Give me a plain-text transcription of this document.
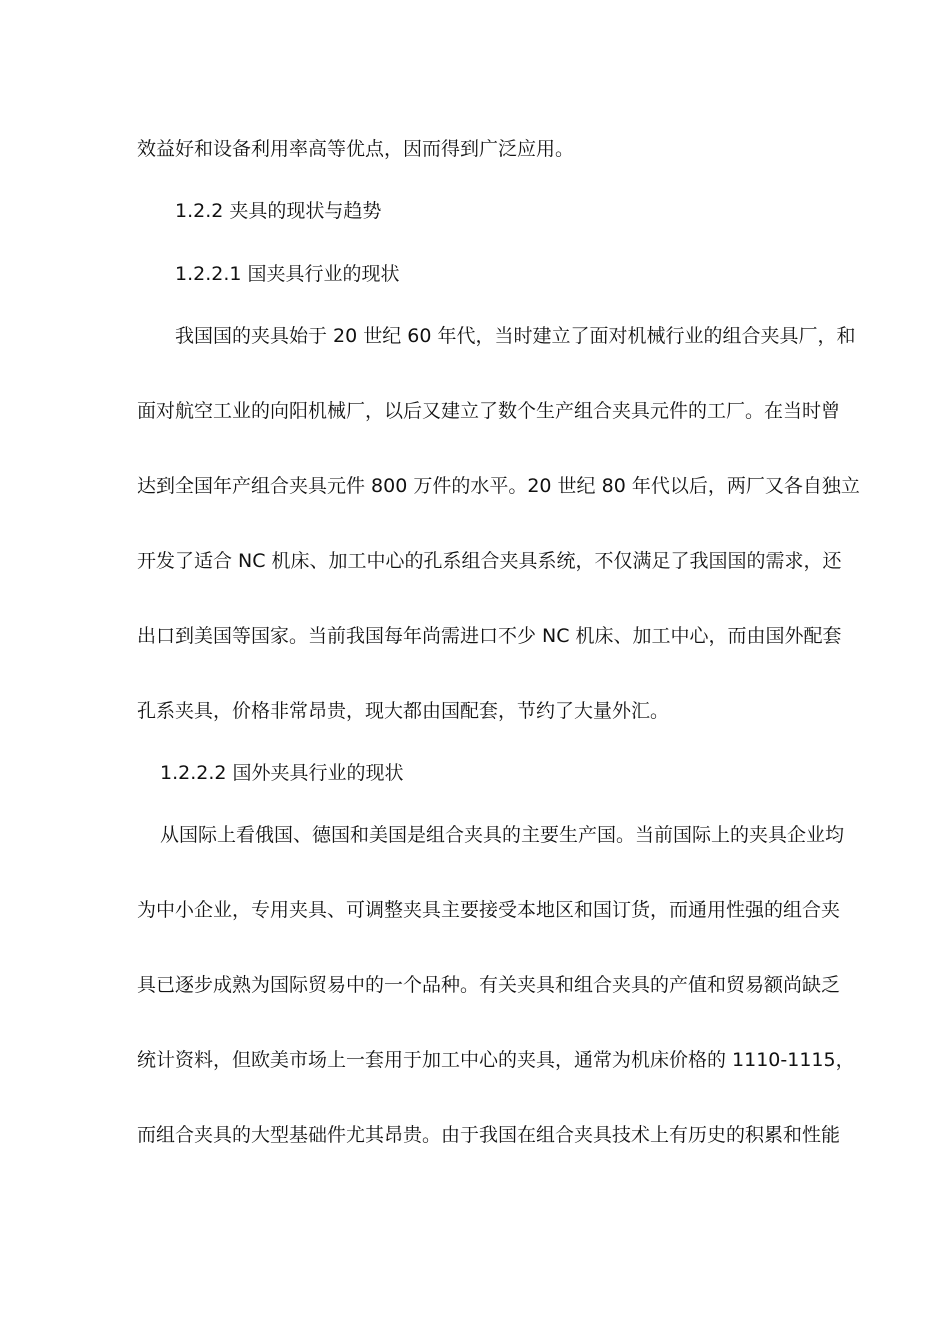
效益好和设备利用率高等优点，因而得到广泛应用。
1.2.2 夹具的现状与趋势
1.2.2.1 国夹具行业的现状
我国国的夹具始于 20 世纪 60 年代，当时建立了面对机械行业的组合夹具厂，和
面对航空工业的向阳机械厂，以后又建立了数个生产组合夹具元件的工厂。在当时曾
达到全国年产组合夹具元件 800 万件的水平。20 世纪 80 年代以后，两厂又各自独立
开发了适合 NC 机床、加工中心的孔系组合夹具系统，不仅满足了我国国的需求，还
出口到美国等国家。当前我国每年尚需进口不少 NC 机床、加工中心，而由国外配套
孔系夹具，价格非常昂贵，现大都由国配套，节约了大量外汇。
1.2.2.2 国外夹具行业的现状
从国际上看俄国、德国和美国是组合夹具的主要生产国。当前国际上的夹具企业均
为中小企业，专用夹具、可调整夹具主要接受本地区和国订货，而通用性强的组合夹
具已逐步成熟为国际贸易中的一个品种。有关夹具和组合夹具的产值和贸易额尚缺乏
统计资料，但欧美市场上一套用于加工中心的夹具，通常为机床价格的 1110-1115，
而组合夹具的大型基础件尤其昂贵。由于我国在组合夹具技术上有历史的积累和性能
